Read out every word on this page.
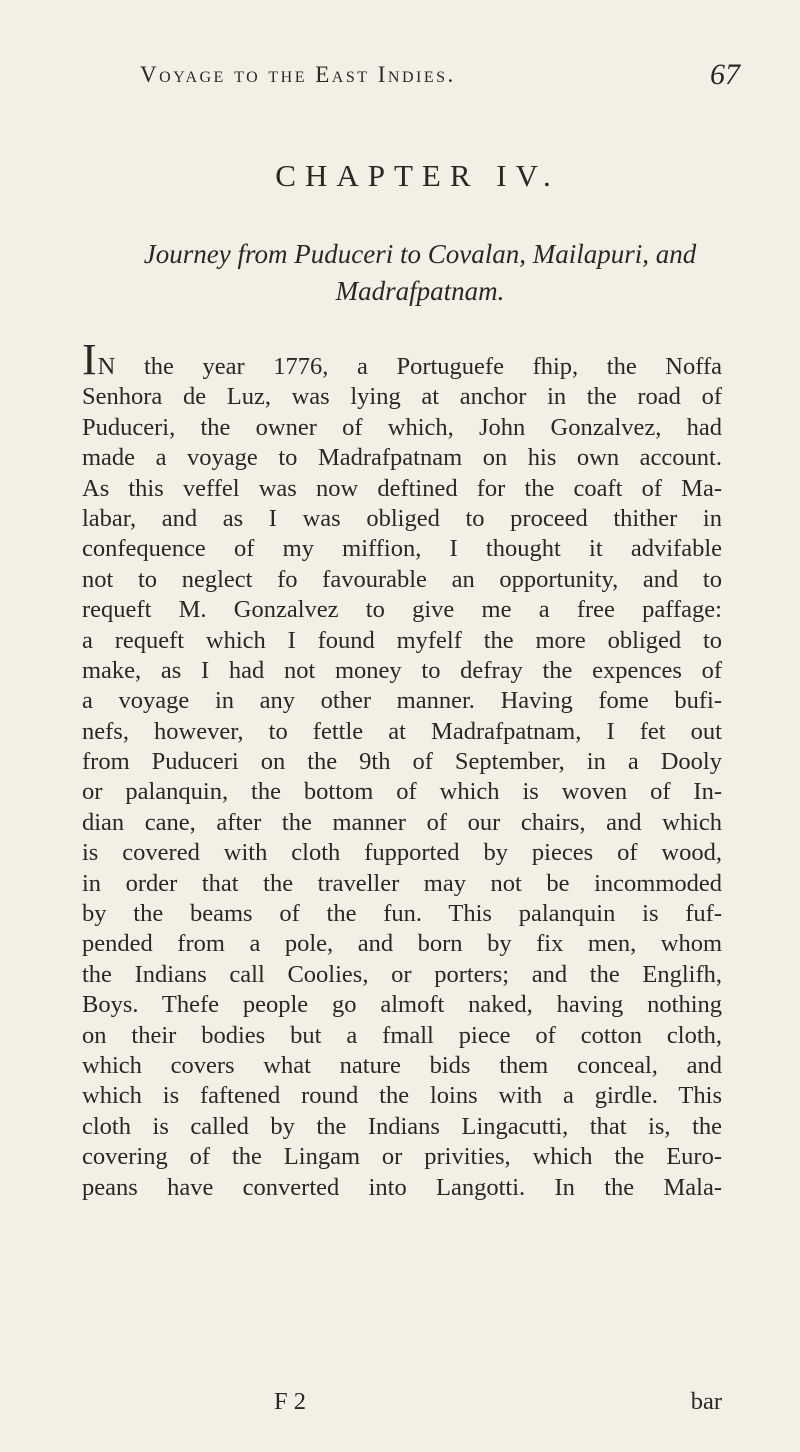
Voyage to the East Indies.	67
CHAPTER IV.
Journey from Puduceri to Covalan, Mailapuri, and
Madrafpatnam.
IN the year 1776, a Portuguefe fhip, the Noffa
Senhora de Luz, was lying at anchor in the road of
Puduceri, the owner of which, John Gonzalvez, had
made a voyage to Madrafpatnam on his own account.
As this veffel was now deftined for the coaft of Ma-
labar, and as I was obliged to proceed thither in
confequence of my miffion, I thought it advifable
not to neglect fo favourable an opportunity, and to
requeft M. Gonzalvez to give me a free paffage:
a requeft which I found myfelf the more obliged to
make, as I had not money to defray the expences of
a voyage in any other manner. Having fome bufi-
nefs, however, to fettle at Madrafpatnam, I fet out
from Puduceri on the 9th of September, in a Dooly
or palanquin, the bottom of which is woven of In-
dian cane, after the manner of our chairs, and which
is covered with cloth fupported by pieces of wood,
in order that the traveller may not be incommoded
by the beams of the fun. This palanquin is fuf-
pended from a pole, and born by fix men, whom
the Indians call Coolies, or porters; and the Englifh,
Boys. Thefe people go almoft naked, having nothing
on their bodies but a fmall piece of cotton cloth,
which covers what nature bids them conceal, and
which is faftened round the loins with a girdle. This
cloth is called by the Indians Lingacutti, that is, the
covering of the Lingam or privities, which the Euro-
peans have converted into Langotti. In the Mala-
F 2	bar
